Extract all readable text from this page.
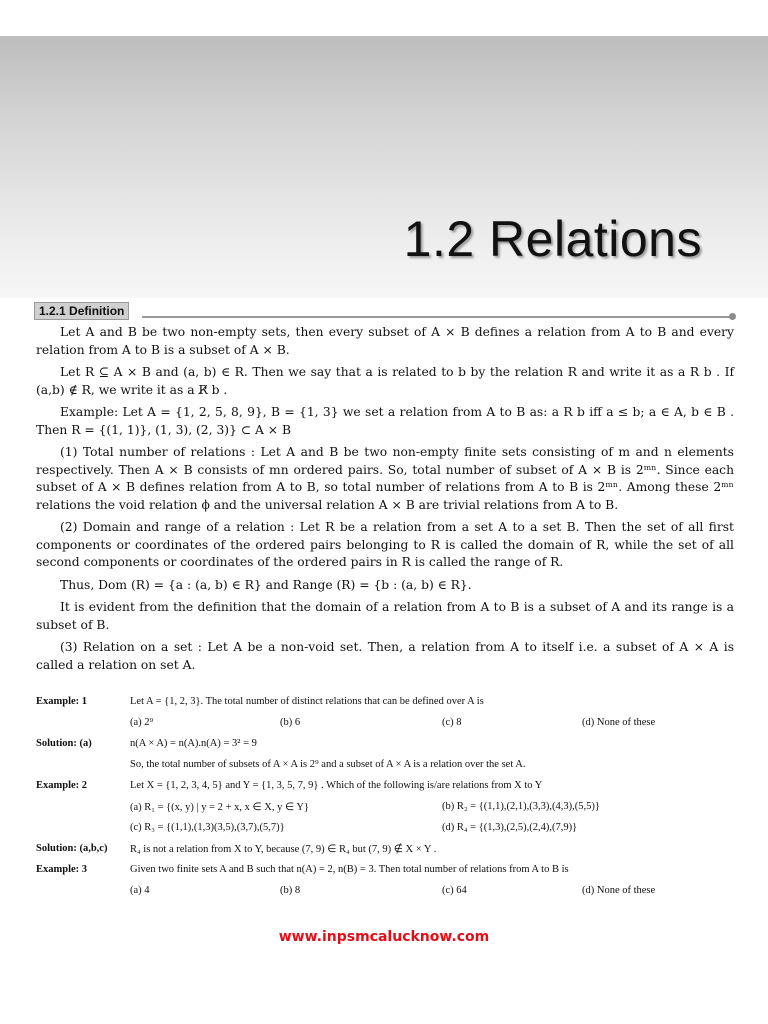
1.2 Relations
1.2.1 Definition

Let A and B be two non-empty sets, then every subset of A × B defines a relation from A to B and every relation from A to B is a subset of A × B.

Let R ⊆ A × B and (a, b) ∈ R. Then we say that a is related to b by the relation R and write it as a R b . If (a,b) ∉ R, we write it as a R̸ b .

Example: Let A = {1, 2, 5, 8, 9}, B = {1, 3} we set a relation from A to B as: a R b iff a ≤ b; a ∈ A, b ∈ B . Then R = {(1, 1)}, (1, 3), (2, 3)} ⊂ A × B

(1) Total number of relations : Let A and B be two non-empty finite sets consisting of m and n elements respectively. Then A × B consists of mn ordered pairs. So, total number of subset of A × B is 2ᵐⁿ. Since each subset of A × B defines relation from A to B, so total number of relations from A to B is 2ᵐⁿ. Among these 2ᵐⁿ relations the void relation ϕ and the universal relation A × B are trivial relations from A to B.

(2) Domain and range of a relation : Let R be a relation from a set A to a set B. Then the set of all first components or coordinates of the ordered pairs belonging to R is called the domain of R, while the set of all second components or coordinates of the ordered pairs in R is called the range of R.

Thus, Dom (R) = {a : (a, b) ∈ R} and Range (R) = {b : (a, b) ∈ R}.

It is evident from the definition that the domain of a relation from A to B is a subset of A and its range is a subset of B.

(3) Relation on a set : Let A be a non-void set. Then, a relation from A to itself i.e. a subset of A × A is called a relation on set A.

Example: 1	Let A = {1, 2, 3}. The total number of distinct relations that can be defined over A is
(a) 2⁹	(b) 6	(c) 8	(d) None of these
Solution: (a)	n(A × A) = n(A).n(A) = 3² = 9
So, the total number of subsets of A × A is 2⁹ and a subset of A × A is a relation over the set A.
Example: 2	Let X = {1, 2, 3, 4, 5} and Y = {1, 3, 5, 7, 9} . Which of the following is/are relations from X to Y
(a) R₁ = {(x, y) | y = 2 + x, x ∈ X, y ∈ Y}	(b) R₂ = {(1,1),(2,1),(3,3),(4,3),(5,5)}
(c) R₃ = {(1,1),(1,3)(3,5),(3,7),(5,7)}	(d) R₄ = {(1,3),(2,5),(2,4),(7,9)}
Solution: (a,b,c)	R₄ is not a relation from X to Y, because (7, 9) ∈ R₄ but (7, 9) ∉ X × Y .
Example: 3	Given two finite sets A and B such that n(A) = 2, n(B) = 3. Then total number of relations from A to B is
(a) 4	(b) 8	(c) 64	(d) None of these
www.inpsmcalucknow.com
